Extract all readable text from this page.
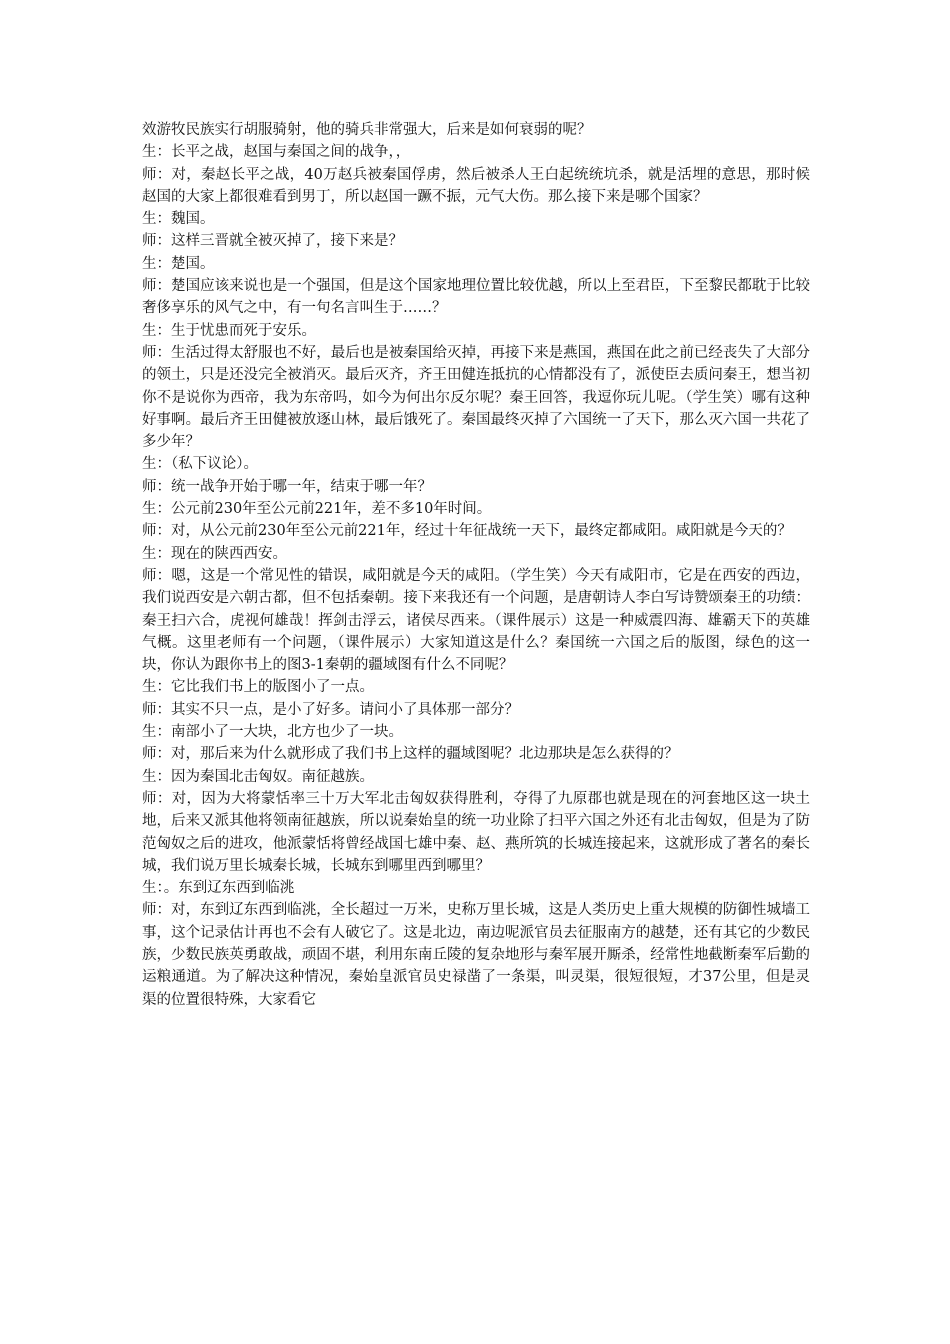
效游牧民族实行胡服骑射，他的骑兵非常强大，后来是如何衰弱的呢？

生：长平之战，赵国与秦国之间的战争，，

师：对，秦赵长平之战，40万赵兵被秦国俘虏，然后被杀人王白起统统坑杀，就是活埋的意思，那时候赵国的大家上都很难看到男丁，所以赵国一蹶不振，元气大伤。那么接下来是哪个国家？

生：魏国。

师：这样三晋就全被灭掉了，接下来是？

生：楚国。

师：楚国应该来说也是一个强国，但是这个国家地理位置比较优越，所以上至君臣，下至黎民都耽于比较奢侈享乐的风气之中，有一句名言叫生于……？

生：生于忧患而死于安乐。

师：生活过得太舒服也不好，最后也是被秦国给灭掉，再接下来是燕国，燕国在此之前已经丧失了大部分的领土，只是还没完全被消灭。最后灭齐，齐王田健连抵抗的心情都没有了，派使臣去质问秦王，想当初你不是说你为西帝，我为东帝吗，如今为何出尔反尔呢？秦王回答，我逗你玩儿呢。（学生笑）哪有这种好事啊。最后齐王田健被放逐山林，最后饿死了。秦国最终灭掉了六国统一了天下，那么灭六国一共花了多少年？

生：（私下议论）。

师：统一战争开始于哪一年，结束于哪一年？

生：公元前230年至公元前221年，差不多10年时间。

师：对，从公元前230年至公元前221年，经过十年征战统一天下，最终定都咸阳。咸阳就是今天的？

生：现在的陕西西安。

师：嗯，这是一个常见性的错误，咸阳就是今天的咸阳。（学生笑）今天有咸阳市，它是在西安的西边，我们说西安是六朝古都，但不包括秦朝。接下来我还有一个问题，是唐朝诗人李白写诗赞颂秦王的功绩：秦王扫六合，虎视何雄哉！挥剑击浮云，诸侯尽西来。（课件展示）这是一种威震四海、雄霸天下的英雄气概。这里老师有一个问题，（课件展示）大家知道这是什么？秦国统一六国之后的版图，绿色的这一块，你认为跟你书上的图3-1秦朝的疆域图有什么不同呢？

生：它比我们书上的版图小了一点。

师：其实不只一点，是小了好多。请问小了具体那一部分？

生：南部小了一大块，北方也少了一块。

师：对，那后来为什么就形成了我们书上这样的疆域图呢？北边那块是怎么获得的？

生：因为秦国北击匈奴。南征越族。

师：对，因为大将蒙恬率三十万大军北击匈奴获得胜利，夺得了九原郡也就是现在的河套地区这一块土地，后来又派其他将领南征越族，所以说秦始皇的统一功业除了扫平六国之外还有北击匈奴，但是为了防范匈奴之后的进攻，他派蒙恬将曾经战国七雄中秦、赵、燕所筑的长城连接起来，这就形成了著名的秦长城，我们说万里长城秦长城，长城东到哪里西到哪里？

生：。东到辽东西到临洮

师：对，东到辽东西到临洮，全长超过一万米，史称万里长城，这是人类历史上重大规模的防御性城墙工事，这个记录估计再也不会有人破它了。这是北边，南边呢派官员去征服南方的越楚，还有其它的少数民族，少数民族英勇敢战，顽固不堪，利用东南丘陵的复杂地形与秦军展开厮杀，经常性地截断秦军后勤的运粮通道。为了解决这种情况，秦始皇派官员史禄凿了一条渠，叫灵渠，很短很短，才37公里，但是灵渠的位置很特殊，大家看它
